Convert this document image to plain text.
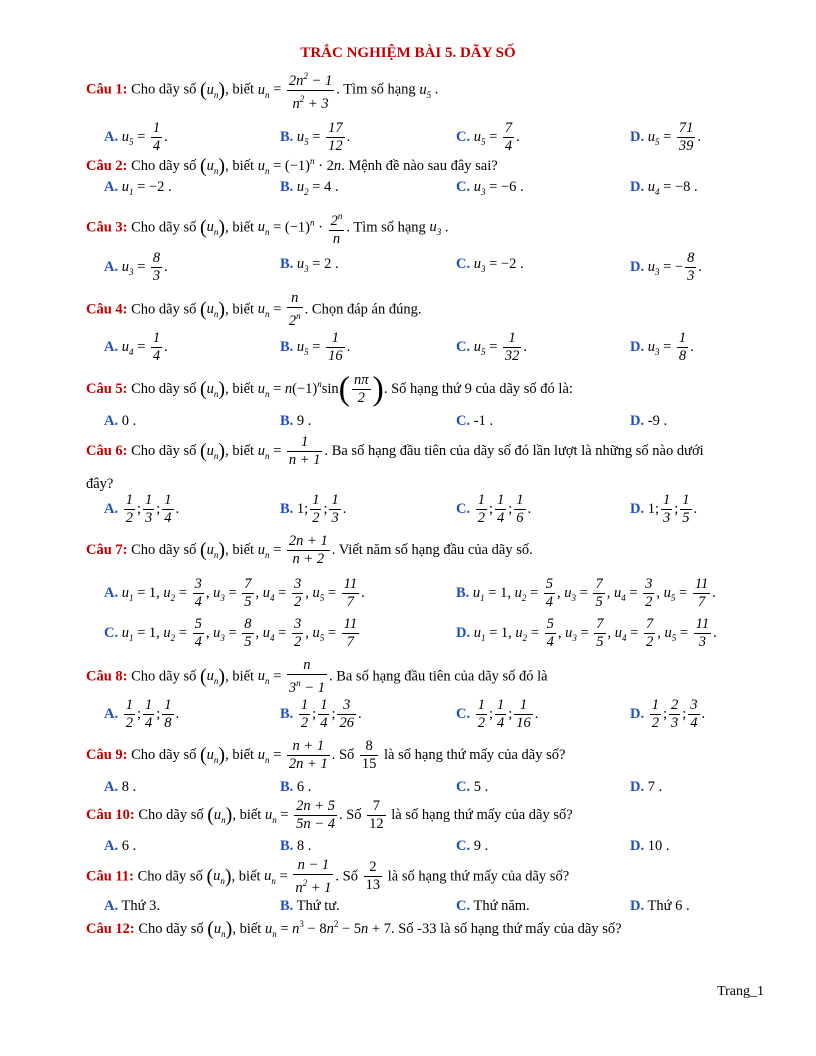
TRẮC NGHIỆM BÀI 5. DÃY SỐ
Câu 1: Cho dãy số $(u_n)$, biết $u_n = \frac{2n^2 - 1}{n^2 + 3}$ . Tìm số hạng $u_5$ .
A. $u_5 = \frac{1}{4}$ .	B. $u_5 = \frac{17}{12}$ .	C. $u_5 = \frac{7}{4}$ .	D. $u_5 = \frac{71}{39}$ .
Câu 2: Cho dãy số $(u_n)$, biết $u_n = (-1)^n \cdot 2n$. Mệnh đề nào sau đây sai?
A. $u_1 = -2$ .	B. $u_2 = 4$ .	C. $u_3 = -6$ .	D. $u_4 = -8$ .
Câu 3: Cho dãy số $(u_n)$, biết $u_n = (-1)^n \cdot \frac{2^n}{n}$ . Tìm số hạng $u_3$ .
A. $u_3 = \frac{8}{3}$ .	B. $u_3 = 2$ .	C. $u_3 = -2$ .	D. $u_3$ = − $\frac{8}{3}$ .
Câu 4: Cho dãy số $(u_n)$, biết $u_n = \frac{n}{2^n}$ . Chọn đáp án đúng.
A. $u_4 = \frac{1}{4}$ .	B. $u_5 = \frac{1}{16}$ .	C. $u_5 = \frac{1}{32}$ .	D. $u_3 = \frac{1}{8}$ .
Câu 5: Cho dãy số $(u_n)$, biết $u_n = n(-1)^n\sin( \frac{n\pi}{2}$ ). Số hạng thứ 9 của dãy số đó là:
A. 0 .	B. 9 .	C. -1 .	D. -9 .
Câu 6: Cho dãy số $(u_n)$, biết $u_n = \frac{1}{n + 1}$ . Ba số hạng đầu tiên của dãy số đó lần lượt là những số nào dưới
đây?
A. $\frac{1}{2}$ ; $\frac{1}{3}$ ; $\frac{1}{4}$ .	B. 1; $\frac{1}{2}$ ; $\frac{1}{3}$ .	C. $\frac{1}{2}$ ; $\frac{1}{4}$ ; $\frac{1}{6}$ .	D. 1; $\frac{1}{3}$ ; $\frac{1}{5}$ .
Câu 7: Cho dãy số $(u_n)$, biết $u_n = \frac{2n + 1}{n + 2}$ . Viết năm số hạng đầu của dãy số.
A. $u_1 = 1$, $u_2 = \frac{3}{4}$ , $u_3 = \frac{7}{5}$ , $u_4 = \frac{3}{2}$ , $u_5 = \frac{11}{7}$ .	B. $u_1 = 1$, $u_2 = \frac{5}{4}$ , $u_3 = \frac{7}{5}$ , $u_4 = \frac{3}{2}$ , $u_5 = \frac{11}{7}$ .
C. $u_1 = 1$, $u_2 = \frac{5}{4}$ , $u_3 = \frac{8}{5}$ , $u_4 = \frac{3}{2}$ , $u_5 = \frac{11}{7}$	D. $u_1 = 1$, $u_2 = \frac{5}{4}$ , $u_3 = \frac{7}{5}$ , $u_4 = \frac{7}{2}$ , $u_5 = \frac{11}{3}$ .
Câu 8: Cho dãy số $(u_n)$, biết $u_n = \frac{n}{3^n - 1}$ . Ba số hạng đầu tiên của dãy số đó là
A. $\frac{1}{2}$ ; $\frac{1}{4}$ ; $\frac{1}{8}$ .	B. $\frac{1}{2}$ ; $\frac{1}{4}$ ; $\frac{3}{26}$ .	C. $\frac{1}{2}$ ; $\frac{1}{4}$ ; $\frac{1}{16}$ .	D. $\frac{1}{2}$ ; $\frac{2}{3}$ ; $\frac{3}{4}$ .
Câu 9: Cho dãy số $(u_n)$, biết $u_n = \frac{n + 1}{2n + 1}$ . Số $\frac{8}{15}$ là số hạng thứ mấy của dãy số?
A. 8 .	B. 6 .	C. 5 .	D. 7 .
Câu 10: Cho dãy số $(u_n)$, biết $u_n = \frac{2n + 5}{5n - 4}$ . Số $\frac{7}{12}$ là số hạng thứ mấy của dãy số?
A. 6 .	B. 8 .	C. 9 .	D. 10 .
Câu 11: Cho dãy số $(u_n)$, biết $u_n = \frac{n - 1}{n^2 + 1}$ . Số $\frac{2}{13}$ là số hạng thứ mấy của dãy số?
A. Thứ 3.	B. Thứ tư.	C. Thứ năm.	D. Thứ 6 .
Câu 12: Cho dãy số $(u_n)$, biết $u_n = n^3 - 8n^2 - 5n + 7$. Số -33 là số hạng thứ mấy của dãy số?
Trang_1
